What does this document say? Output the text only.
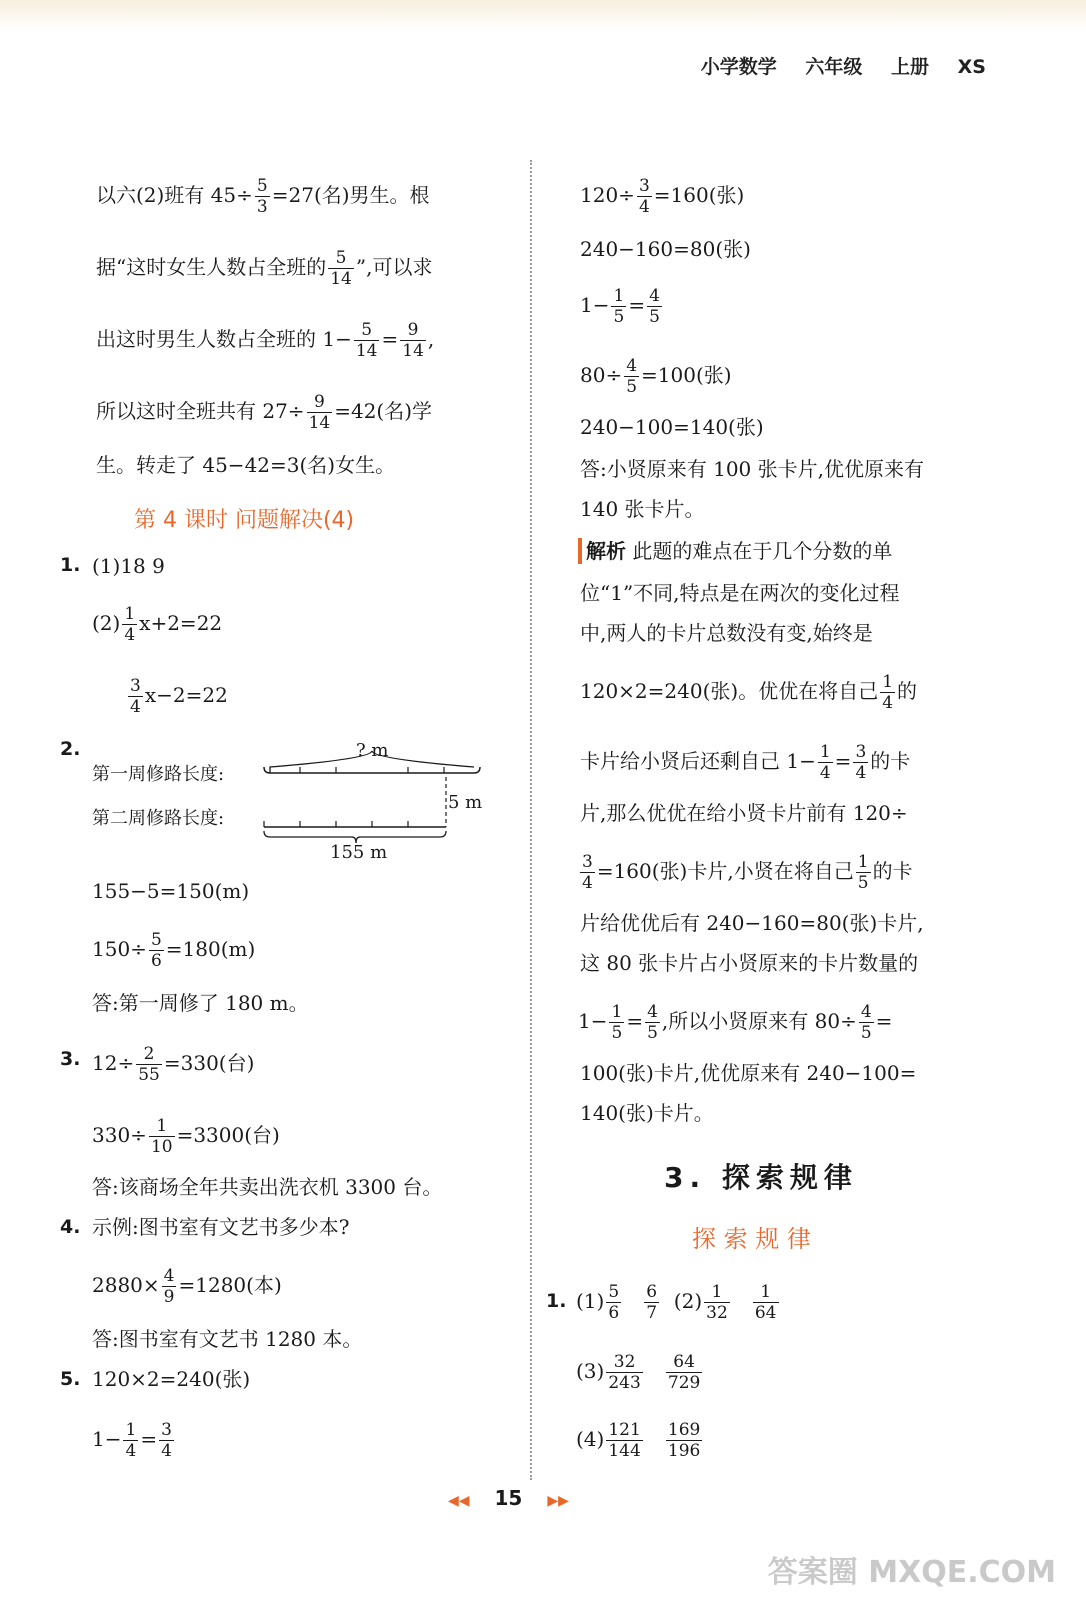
小学数学 六年级 上册 XS
以六(2)班有 $45\div \frac{5}{3} =27$(名)男生。根
据“这时女生人数占全班的 $\frac{5}{14}$ ”,可以求
出这时男生人数占全班的 $1- \frac{5}{14} = \frac{9}{14}$ ,
所以这时全班共有 $27\div \frac{9}{14} =42$(名)学
生。转走了 45−42=3(名)女生。
第 4 课时 问题解决(4)
1. (1)18 9
$(2) \frac{1}{4} x+2=22$
$\frac{3}{4} x-2=22$
2.
第一周修路长度:
第二周修路长度:
? m
5 m
155 m
155−5=150(m)
$150\div \frac{5}{6} =180(m)$
答:第一周修了 180 m。
3. $12\div \frac{2}{55} =330$(台)
$330\div \frac{1}{10} =3300$(台)
答:该商场全年共卖出洗衣机 3300 台。
4. 示例:图书室有文艺书多少本?
$2880\times \frac{4}{9} =1280$(本)
答:图书室有文艺书 1280 本。
5. 120×2=240(张)
$1- \frac{1}{4} = \frac{3}{4}$
$120\div \frac{3}{4} =160$(张)
240−160=80(张)
$1- \frac{1}{5} = \frac{4}{5}$
$80\div \frac{4}{5} =100$(张)
240−100=140(张)
答:小贤原来有 100 张卡片,优优原来有
140 张卡片。
解析 此题的难点在于几个分数的单
位“1”不同,特点是在两次的变化过程
中,两人的卡片总数没有变,始终是
120×2=240(张)。优优在将自己 $\frac{1}{4}$ 的
卡片给小贤后还剩自己 $1- \frac{1}{4} = \frac{3}{4}$ 的卡
片,那么优优在给小贤卡片前有 120÷
$\frac{3}{4} =160$(张)卡片,小贤在将自己 $\frac{1}{5}$ 的卡
片给优优后有 240−160=80(张)卡片,
这 80 张卡片占小贤原来的卡片数量的
$1- \frac{1}{5} = \frac{4}{5}$ ,所以小贤原来有 $80\div \frac{4}{5}$ =
100(张)卡片,优优原来有 240−100=
140(张)卡片。
3. 探索规律
探 索 规 律
1. $(1) \frac{5}{6}$
$\frac{6}{7} (2) \frac{1}{32}$
$\frac{1}{64}$
$(3) \frac{32}{243}$
$\frac{64}{729}$
$(4) \frac{121}{144}$
$\frac{169}{196}$
◀◀ 15 ▶▶
答案圈 MXQE.COM
